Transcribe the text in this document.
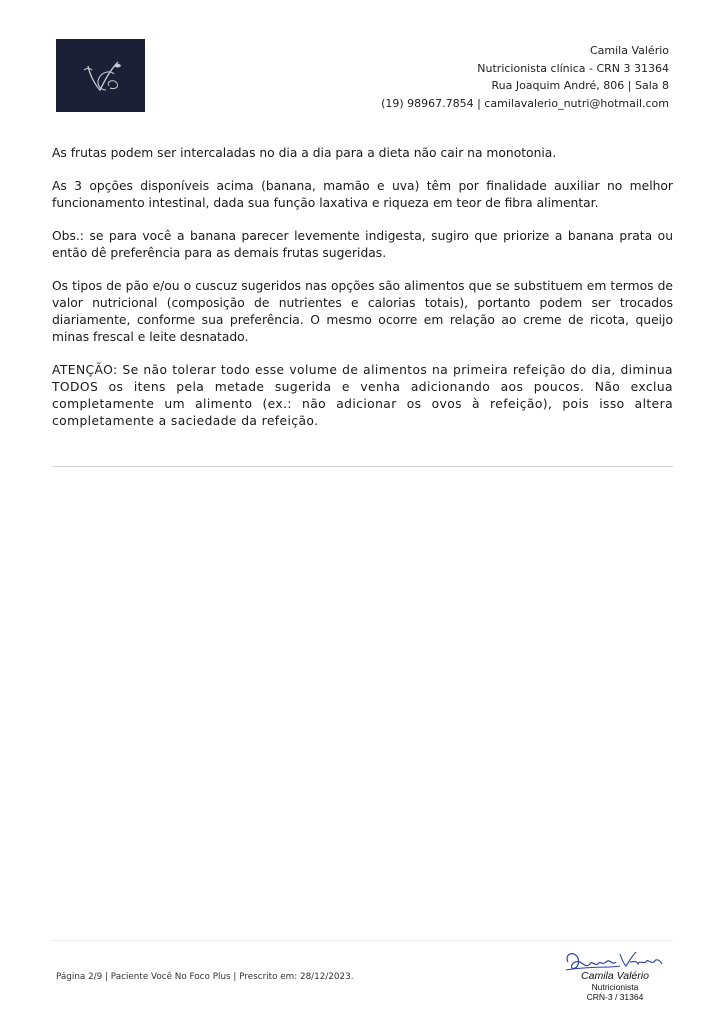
Camila Valério
Nutricionista clínica - CRN 3 31364
Rua Joaquim André, 806 | Sala 8
(19) 98967.7854 | camilavalerio_nutri@hotmail.com

As frutas podem ser intercaladas no dia a dia para a dieta não cair na monotonia.

As 3 opções disponíveis acima (banana, mamão e uva) têm por finalidade auxiliar no melhor funcionamento intestinal, dada sua função laxativa e riqueza em teor de fibra alimentar.

Obs.: se para você a banana parecer levemente indigesta, sugiro que priorize a banana prata ou então dê preferência para as demais frutas sugeridas.

Os tipos de pão e/ou o cuscuz sugeridos nas opções são alimentos que se substituem em termos de valor nutricional (composição de nutrientes e calorias totais), portanto podem ser trocados diariamente, conforme sua preferência. O mesmo ocorre em relação ao creme de ricota, queijo minas frescal e leite desnatado.

ATENÇÃO: Se não tolerar todo esse volume de alimentos na primeira refeição do dia, diminua TODOS os itens pela metade sugerida e venha adicionando aos poucos. Não exclua completamente um alimento (ex.: não adicionar os ovos à refeição), pois isso altera completamente a saciedade da refeição.

Página 2/9 | Paciente Você No Foco Plus | Prescrito em: 28/12/2023.	Camila Valério
Nutricionista
CRN-3 / 31364
